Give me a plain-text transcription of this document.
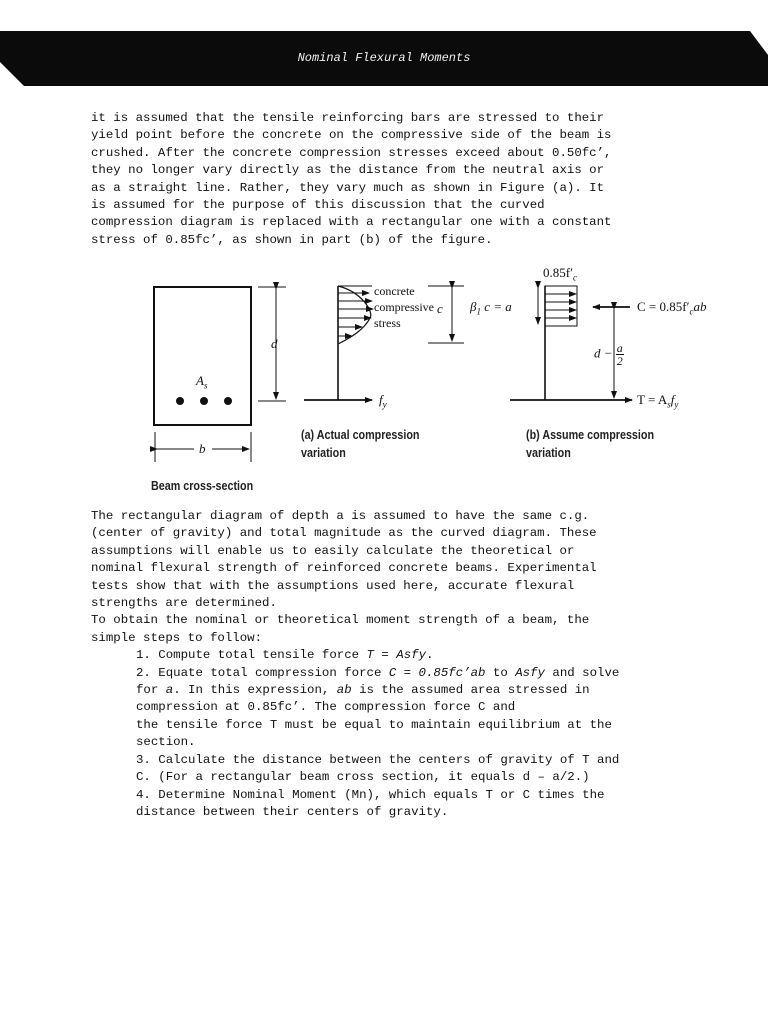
Nominal Flexural Moments

it is assumed that the tensile reinforcing bars are stressed to their
yield point before the concrete on the compressive side of the beam is
crushed. After the concrete compression stresses exceed about 0.50fc’,
they no longer vary directly as the distance from the neutral axis or
as a straight line. Rather, they vary much as shown in Figure (a). It
is assumed for the purpose of this discussion that the curved
compression diagram is replaced with a rectangular one with a constant
stress of 0.85fc’, as shown in part (b) of the figure.

d
$A_s$
b
Beam cross-section
concrete
compressive
stress
c
$f_y$
(a) Actual compression
variation
$0.85f'_c$
$\beta_1$ c = a	$C = 0.85f'_cab$
$d - \frac{a}{2}$
$T = A_sf_y$
(b) Assume compression
variation
The rectangular diagram of depth a is assumed to have the same c.g.
(center of gravity) and total magnitude as the curved diagram. These
assumptions will enable us to easily calculate the theoretical or
nominal flexural strength of reinforced concrete beams. Experimental
tests show that with the assumptions used here, accurate flexural
strengths are determined.
To obtain the nominal or theoretical moment strength of a beam, the
simple steps to follow:
1. Compute total tensile force T = Asfy.
2. Equate total compression force C = 0.85fc’ab to Asfy and solve
for a. In this expression, ab is the assumed area stressed in
compression at 0.85fc’. The compression force C and
the tensile force T must be equal to maintain equilibrium at the
section.
3. Calculate the distance between the centers of gravity of T and
C. (For a rectangular beam cross section, it equals d – a/2.)
4. Determine Nominal Moment (Mn), which equals T or C times the
distance between their centers of gravity.
